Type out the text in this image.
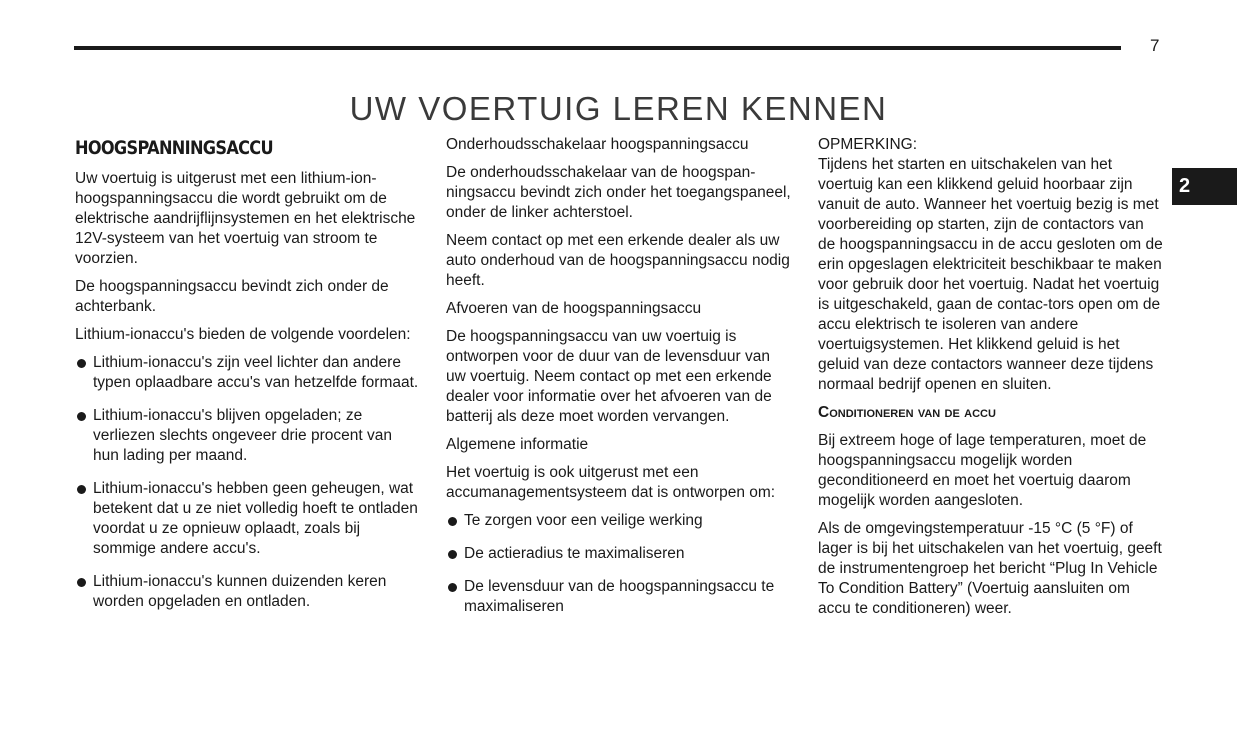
7
UW VOERTUIG LEREN KENNEN
2
HOOGSPANNINGSACCU

Uw voertuig is uitgerust met een lithium-ion-hoogspanningsaccu die wordt gebruikt om de elektrische aandrijflijnsystemen en het elektrische 12V-systeem van het voertuig van stroom te voorzien.

De hoogspanningsaccu bevindt zich onder de achterbank.

Lithium-ionaccu's bieden de volgende voordelen:

Lithium-ionaccu's zijn veel lichter dan andere typen oplaadbare accu's van hetzelfde formaat.
Lithium-ionaccu's blijven opgeladen; ze verliezen slechts ongeveer drie procent van hun lading per maand.
Lithium-ionaccu's hebben geen geheugen, wat betekent dat u ze niet volledig hoeft te ontladen voordat u ze opnieuw oplaadt, zoals bij sommige andere accu's.
Lithium-ionaccu's kunnen duizenden keren worden opgeladen en ontladen.
Onderhoudsschakelaar hoogspanningsaccu

De onderhoudsschakelaar van de hoogspan-ningsaccu bevindt zich onder het toegangspaneel, onder de linker achterstoel.

Neem contact op met een erkende dealer als uw auto onderhoud van de hoogspanningsaccu nodig heeft.

Afvoeren van de hoogspanningsaccu

De hoogspanningsaccu van uw voertuig is ontworpen voor de duur van de levensduur van uw voertuig. Neem contact op met een erkende dealer voor informatie over het afvoeren van de batterij als deze moet worden vervangen.

Algemene informatie

Het voertuig is ook uitgerust met een accumanagementsysteem dat is ontworpen om:

Te zorgen voor een veilige werking
De actieradius te maximaliseren
De levensduur van de hoogspanningsaccu te maximaliseren
OPMERKING:

Tijdens het starten en uitschakelen van het voertuig kan een klikkend geluid hoorbaar zijn vanuit de auto. Wanneer het voertuig bezig is met voorbereiding op starten, zijn de contactors van de hoogspanningsaccu in de accu gesloten om de erin opgeslagen elektriciteit beschikbaar te maken voor gebruik door het voertuig. Nadat het voertuig is uitgeschakeld, gaan de contac-tors open om de accu elektrisch te isoleren van andere voertuigsystemen. Het klikkend geluid is het geluid van deze contactors wanneer deze tijdens normaal bedrijf openen en sluiten.

Conditioneren van de accu

Bij extreem hoge of lage temperaturen, moet de hoogspanningsaccu mogelijk worden geconditioneerd en moet het voertuig daarom mogelijk worden aangesloten.

Als de omgevingstemperatuur -15 °C (5 °F) of lager is bij het uitschakelen van het voertuig, geeft de instrumentengroep het bericht “Plug In Vehicle To Condition Battery” (Voertuig aansluiten om accu te conditioneren) weer.
